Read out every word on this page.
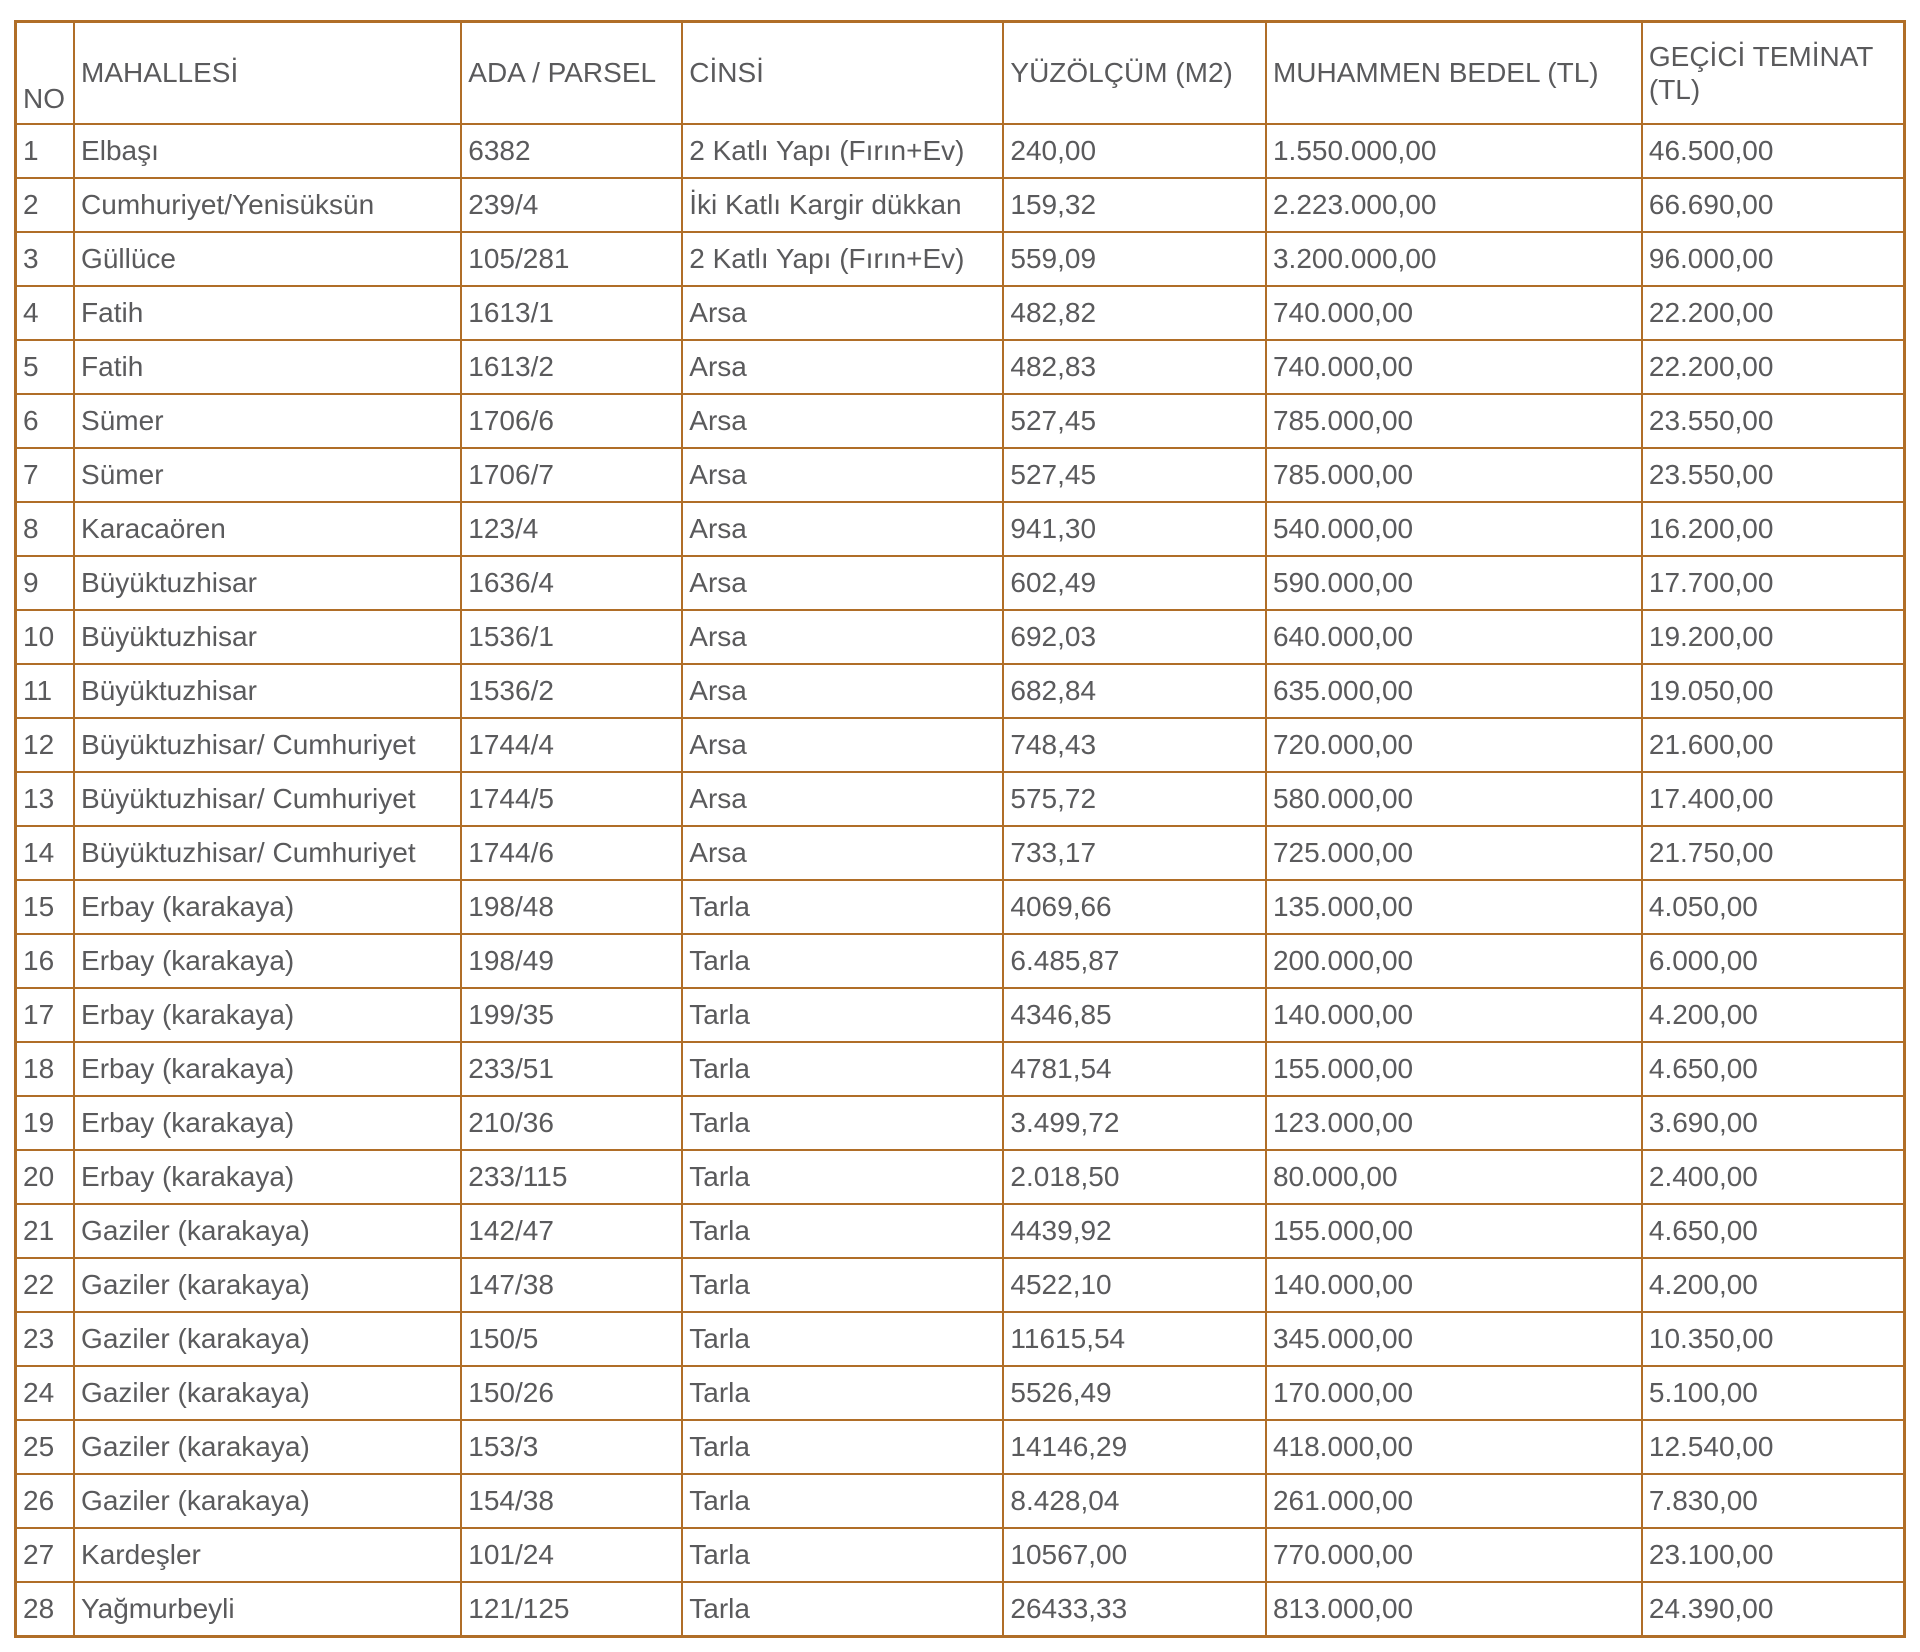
NO	MAHALLESİ	ADA / PARSEL	CİNSİ	YÜZÖLÇÜM (M2)	MUHAMMEN BEDEL (TL)	GEÇİCİ TEMİNAT (TL)
1	Elbaşı	6382	2 Katlı Yapı (Fırın+Ev)	240,00	1.550.000,00	46.500,00
2	Cumhuriyet/Yenisüksün	239/4	İki Katlı Kargir dükkan	159,32	2.223.000,00	66.690,00
3	Güllüce	105/281	2 Katlı Yapı (Fırın+Ev)	559,09	3.200.000,00	96.000,00
4	Fatih	1613/1	Arsa	482,82	740.000,00	22.200,00
5	Fatih	1613/2	Arsa	482,83	740.000,00	22.200,00
6	Sümer	1706/6	Arsa	527,45	785.000,00	23.550,00
7	Sümer	1706/7	Arsa	527,45	785.000,00	23.550,00
8	Karacaören	123/4	Arsa	941,30	540.000,00	16.200,00
9	Büyüktuzhisar	1636/4	Arsa	602,49	590.000,00	17.700,00
10	Büyüktuzhisar	1536/1	Arsa	692,03	640.000,00	19.200,00
11	Büyüktuzhisar	1536/2	Arsa	682,84	635.000,00	19.050,00
12	Büyüktuzhisar/ Cumhuriyet	1744/4	Arsa	748,43	720.000,00	21.600,00
13	Büyüktuzhisar/ Cumhuriyet	1744/5	Arsa	575,72	580.000,00	17.400,00
14	Büyüktuzhisar/ Cumhuriyet	1744/6	Arsa	733,17	725.000,00	21.750,00
15	Erbay (karakaya)	198/48	Tarla	4069,66	135.000,00	4.050,00
16	Erbay (karakaya)	198/49	Tarla	6.485,87	200.000,00	6.000,00
17	Erbay (karakaya)	199/35	Tarla	4346,85	140.000,00	4.200,00
18	Erbay (karakaya)	233/51	Tarla	4781,54	155.000,00	4.650,00
19	Erbay (karakaya)	210/36	Tarla	3.499,72	123.000,00	3.690,00
20	Erbay (karakaya)	233/115	Tarla	2.018,50	80.000,00	2.400,00
21	Gaziler (karakaya)	142/47	Tarla	4439,92	155.000,00	4.650,00
22	Gaziler (karakaya)	147/38	Tarla	4522,10	140.000,00	4.200,00
23	Gaziler (karakaya)	150/5	Tarla	11615,54	345.000,00	10.350,00
24	Gaziler (karakaya)	150/26	Tarla	5526,49	170.000,00	5.100,00
25	Gaziler (karakaya)	153/3	Tarla	14146,29	418.000,00	12.540,00
26	Gaziler (karakaya)	154/38	Tarla	8.428,04	261.000,00	7.830,00
27	Kardeşler	101/24	Tarla	10567,00	770.000,00	23.100,00
28	Yağmurbeyli	121/125	Tarla	26433,33	813.000,00	24.390,00
